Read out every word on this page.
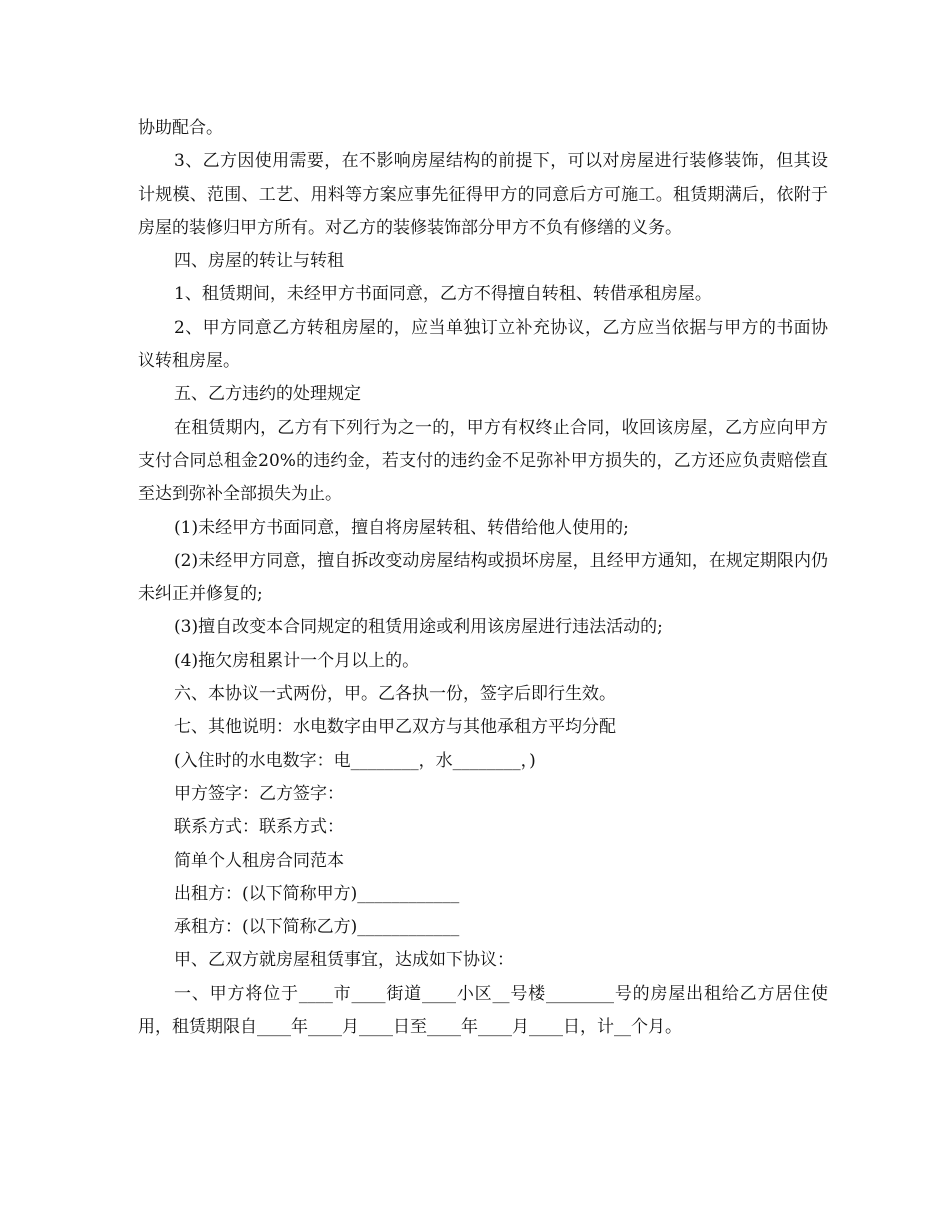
协助配合。

3、乙方因使用需要，在不影响房屋结构的前提下，可以对房屋进行装修装饰，但其设计规模、范围、工艺、用料等方案应事先征得甲方的同意后方可施工。租赁期满后，依附于房屋的装修归甲方所有。对乙方的装修装饰部分甲方不负有修缮的义务。

四、房屋的转让与转租

1、租赁期间，未经甲方书面同意，乙方不得擅自转租、转借承租房屋。

2、甲方同意乙方转租房屋的，应当单独订立补充协议，乙方应当依据与甲方的书面协议转租房屋。

五、乙方违约的处理规定

在租赁期内，乙方有下列行为之一的，甲方有权终止合同，收回该房屋，乙方应向甲方支付合同总租金20%的违约金，若支付的违约金不足弥补甲方损失的，乙方还应负责赔偿直至达到弥补全部损失为止。

(1)未经甲方书面同意，擅自将房屋转租、转借给他人使用的;

(2)未经甲方同意，擅自拆改变动房屋结构或损坏房屋，且经甲方通知，在规定期限内仍未纠正并修复的;

(3)擅自改变本合同规定的租赁用途或利用该房屋进行违法活动的;

(4)拖欠房租累计一个月以上的。

六、本协议一式两份，甲。乙各执一份，签字后即行生效。

七、其他说明：水电数字由甲乙双方与其他承租方平均分配

(入住时的水电数字：电________，水________，)

甲方签字：乙方签字：

联系方式：联系方式：

简单个人租房合同范本

出租方：(以下简称甲方)____________

承租方：(以下简称乙方)____________

甲、乙双方就房屋租赁事宜，达成如下协议：

一、甲方将位于____市____街道____小区__号楼________号的房屋出租给乙方居住使用，租赁期限自____年____月____日至____年____月____日，计__个月。
